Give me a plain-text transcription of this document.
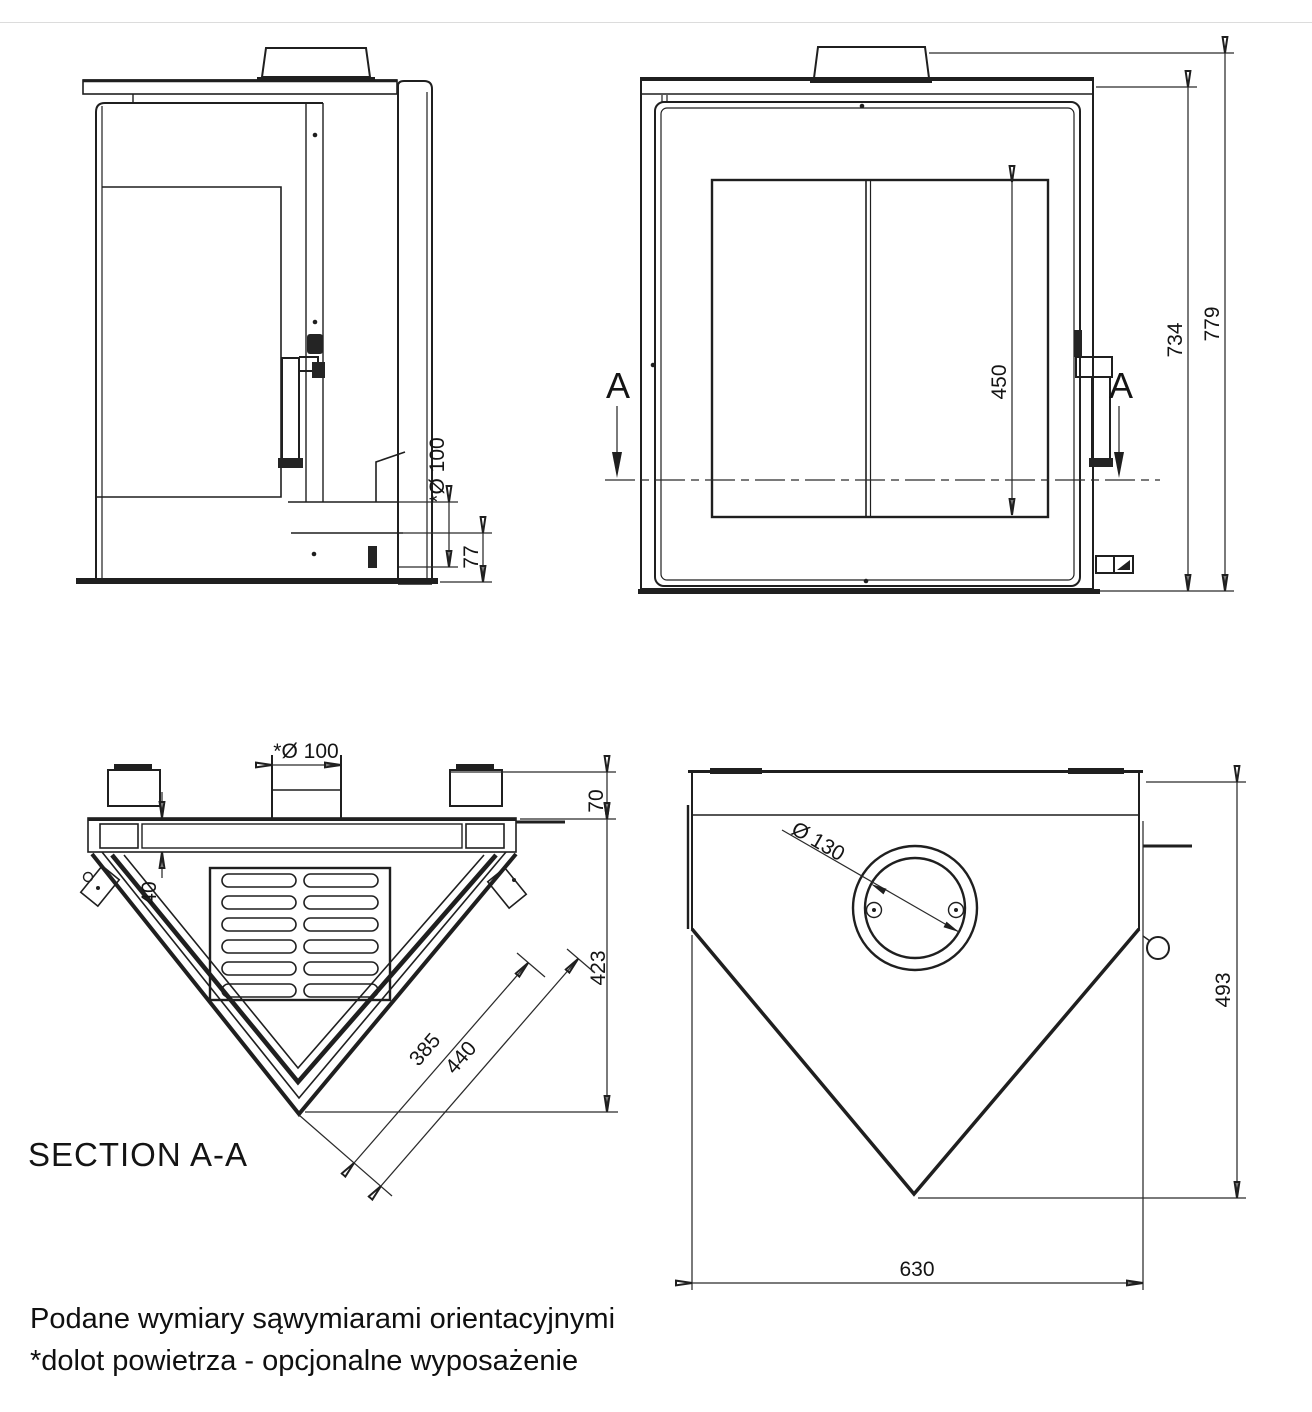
*Ø 100
77
A	A
450
734 779
*Ø 100
70
40
423
385
440
SECTION A-A
Ø 130
493
630
Podane wymiary sąwymiarami orientacyjnymi
*dolot powietrza - opcjonalne wyposażenie
